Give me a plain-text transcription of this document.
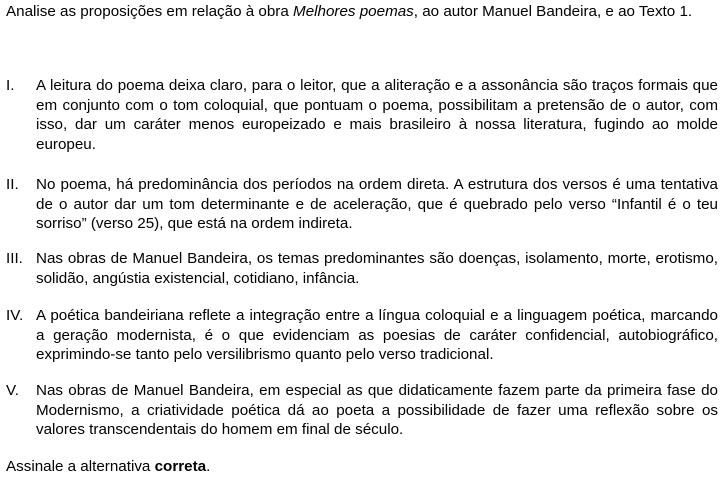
Analise as proposições em relação à obra Melhores poemas, ao autor Manuel Bandeira, e ao Texto 1.
I.	A leitura do poema deixa claro, para o leitor, que a aliteração e a assonância são traços formais que em conjunto com o tom coloquial, que pontuam o poema, possibilitam a pretensão de o autor, com isso, dar um caráter menos europeizado e mais brasileiro à nossa literatura, fugindo ao molde europeu.
II.	No poema, há predominância dos períodos na ordem direta. A estrutura dos versos é uma tentativa de o autor dar um tom determinante e de aceleração, que é quebrado pelo verso “Infantil é o teu sorriso” (verso 25), que está na ordem indireta.
III. Nas obras de Manuel Bandeira, os temas predominantes são doenças, isolamento, morte, erotismo, solidão, angústia existencial, cotidiano, infância.
IV. A poética bandeiriana reflete a integração entre a língua coloquial e a linguagem poética, marcando a geração modernista, é o que evidenciam as poesias de caráter confidencial, autobiográfico, exprimindo-se tanto pelo versilibrismo quanto pelo verso tradicional.
V.	Nas obras de Manuel Bandeira, em especial as que didaticamente fazem parte da primeira fase do Modernismo, a criatividade poética dá ao poeta a possibilidade de fazer uma reflexão sobre os valores transcendentais do homem em final de século.
Assinale a alternativa correta.
